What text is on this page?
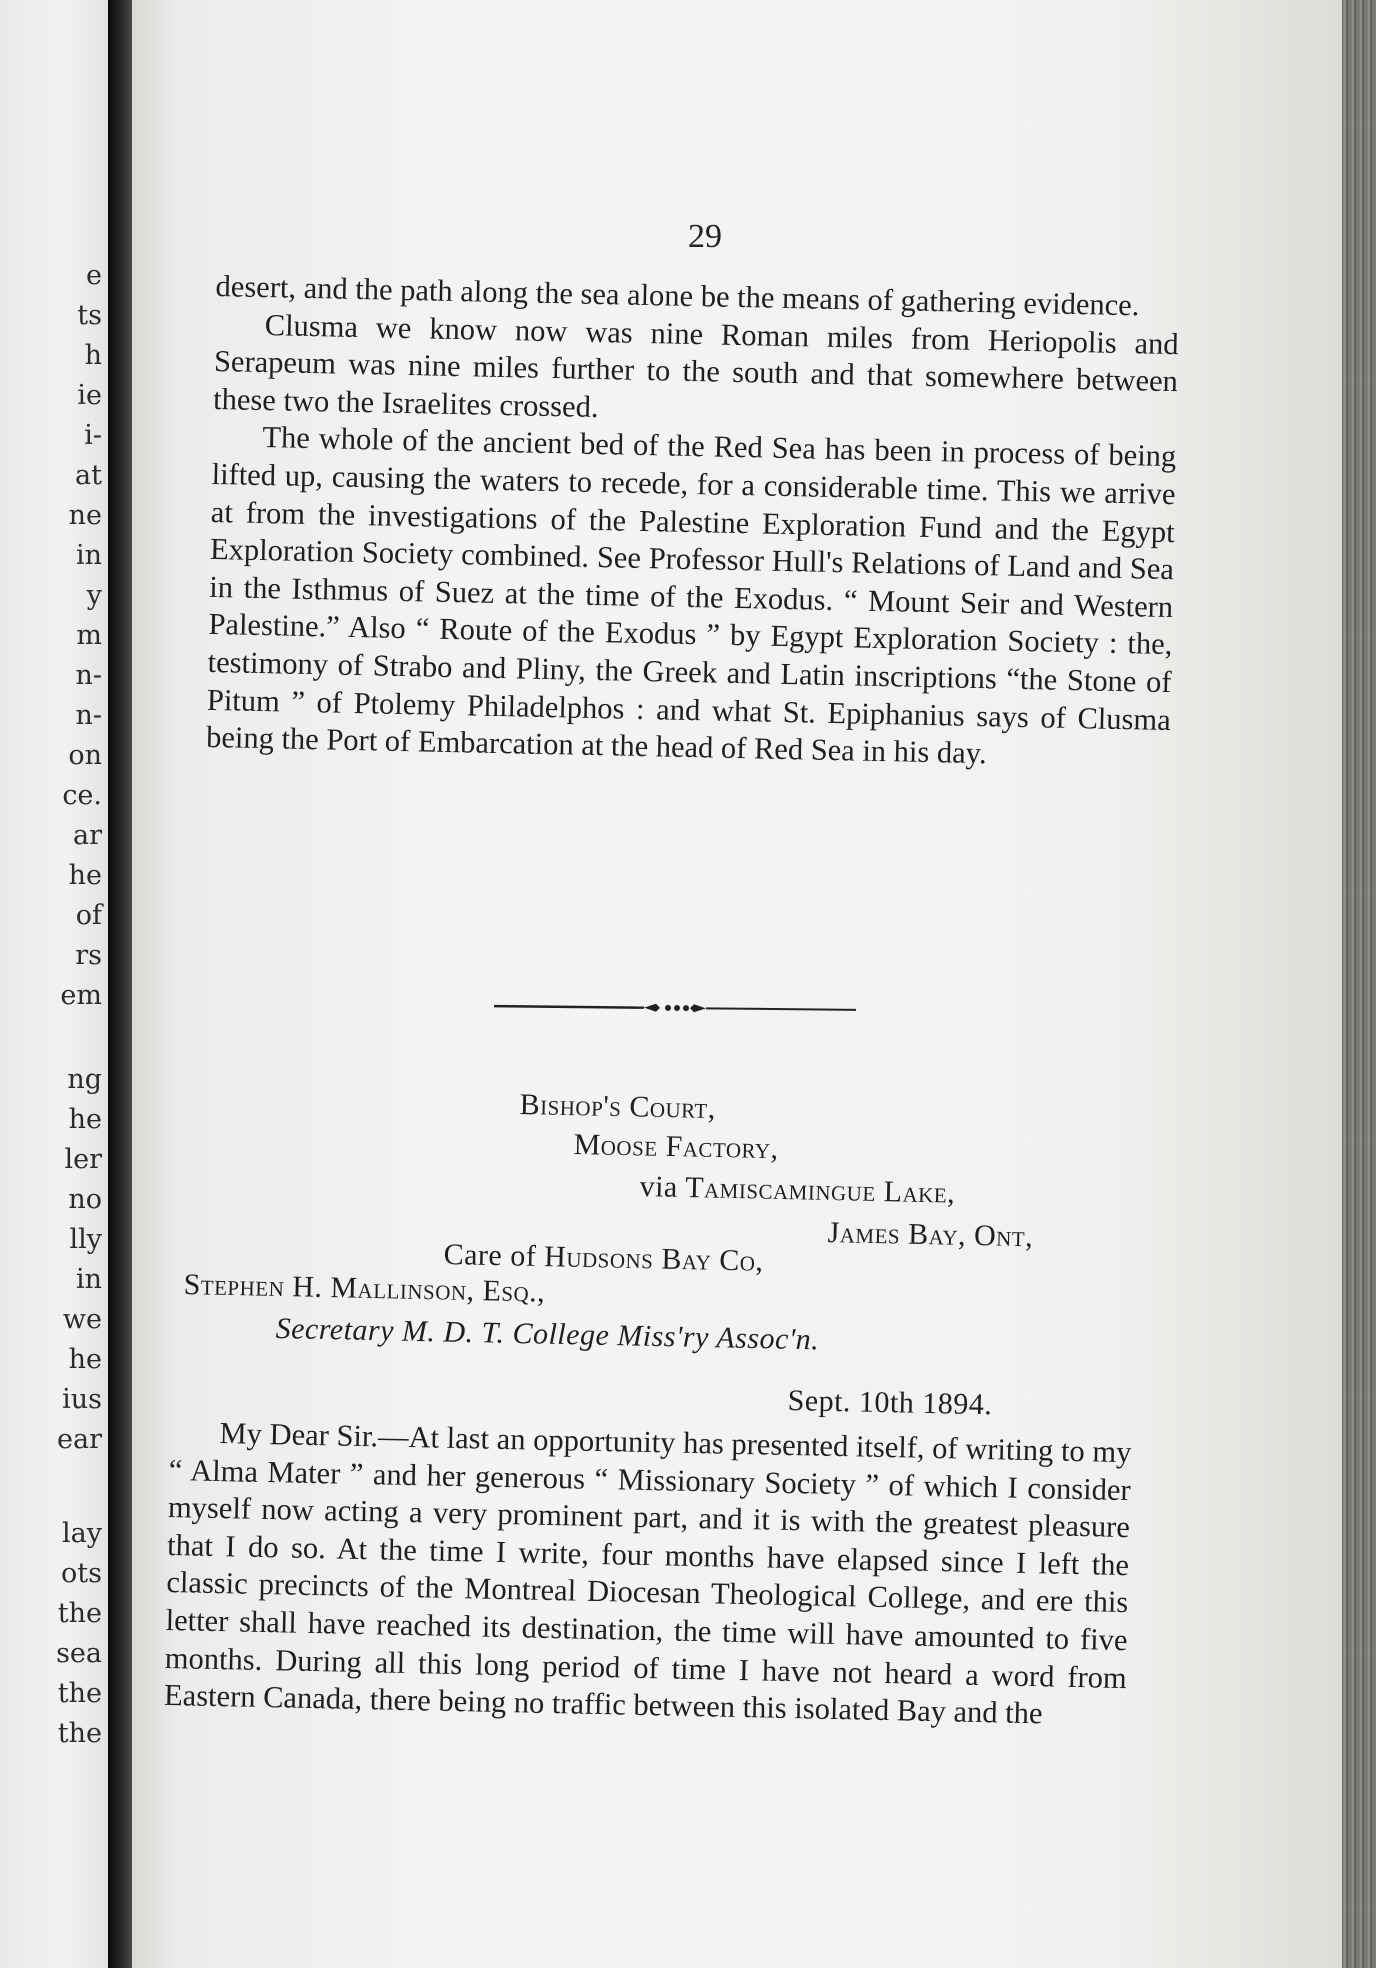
e
ts
h
ie
i-
at
ne
in
y
m
n-
n-
on
ce.
ar
he
of
rs
em
ng
he
ler
no
lly
in
we
he
ius
ear
lay
ots
the
sea
the
the
29

desert, and the path along the sea alone be the means of gathering evidence.

Clusma we know now was nine Roman miles from Heriopolis and Serapeum was nine miles further to the south and that somewhere between these two the Israelites crossed.

The whole of the ancient bed of the Red Sea has been in process of being lifted up, causing the waters to recede, for a considerable time. This we arrive at from the investigations of the Palestine Exploration Fund and the Egypt Exploration Society combined. See Professor Hull's Relations of Land and Sea in the Isthmus of Suez at the time of the Exodus. “ Mount Seir and Western Palestine.” Also “ Route of the Exodus ” by Egypt Exploration Society : the, testimony of Strabo and Pliny, the Greek and Latin inscriptions “the Stone of Pitum ” of Ptolemy Philadelphos : and what St. Epiphanius says of Clusma being the Port of Embarcation at the head of Red Sea in his day.

Bishop's Court,
Moose Factory,
via Tamiscamingue Lake,
James Bay, Ont,
Care of Hudsons Bay Co,
Stephen H. Mallinson, Esq.,
Secretary M. D. T. College Miss'ry Assoc'n.
Sept. 10th 1894.

My Dear Sir.—At last an opportunity has presented itself, of writing to my “ Alma Mater ” and her generous “ Missionary Society ” of which I consider myself now acting a very prominent part, and it is with the greatest pleasure that I do so. At the time I write, four months have elapsed since I left the classic precincts of the Montreal Diocesan Theological College, and ere this letter shall have reached its destination, the time will have amounted to five months. During all this long period of time I have not heard a word from Eastern Canada, there being no traffic between this isolated Bay and the
